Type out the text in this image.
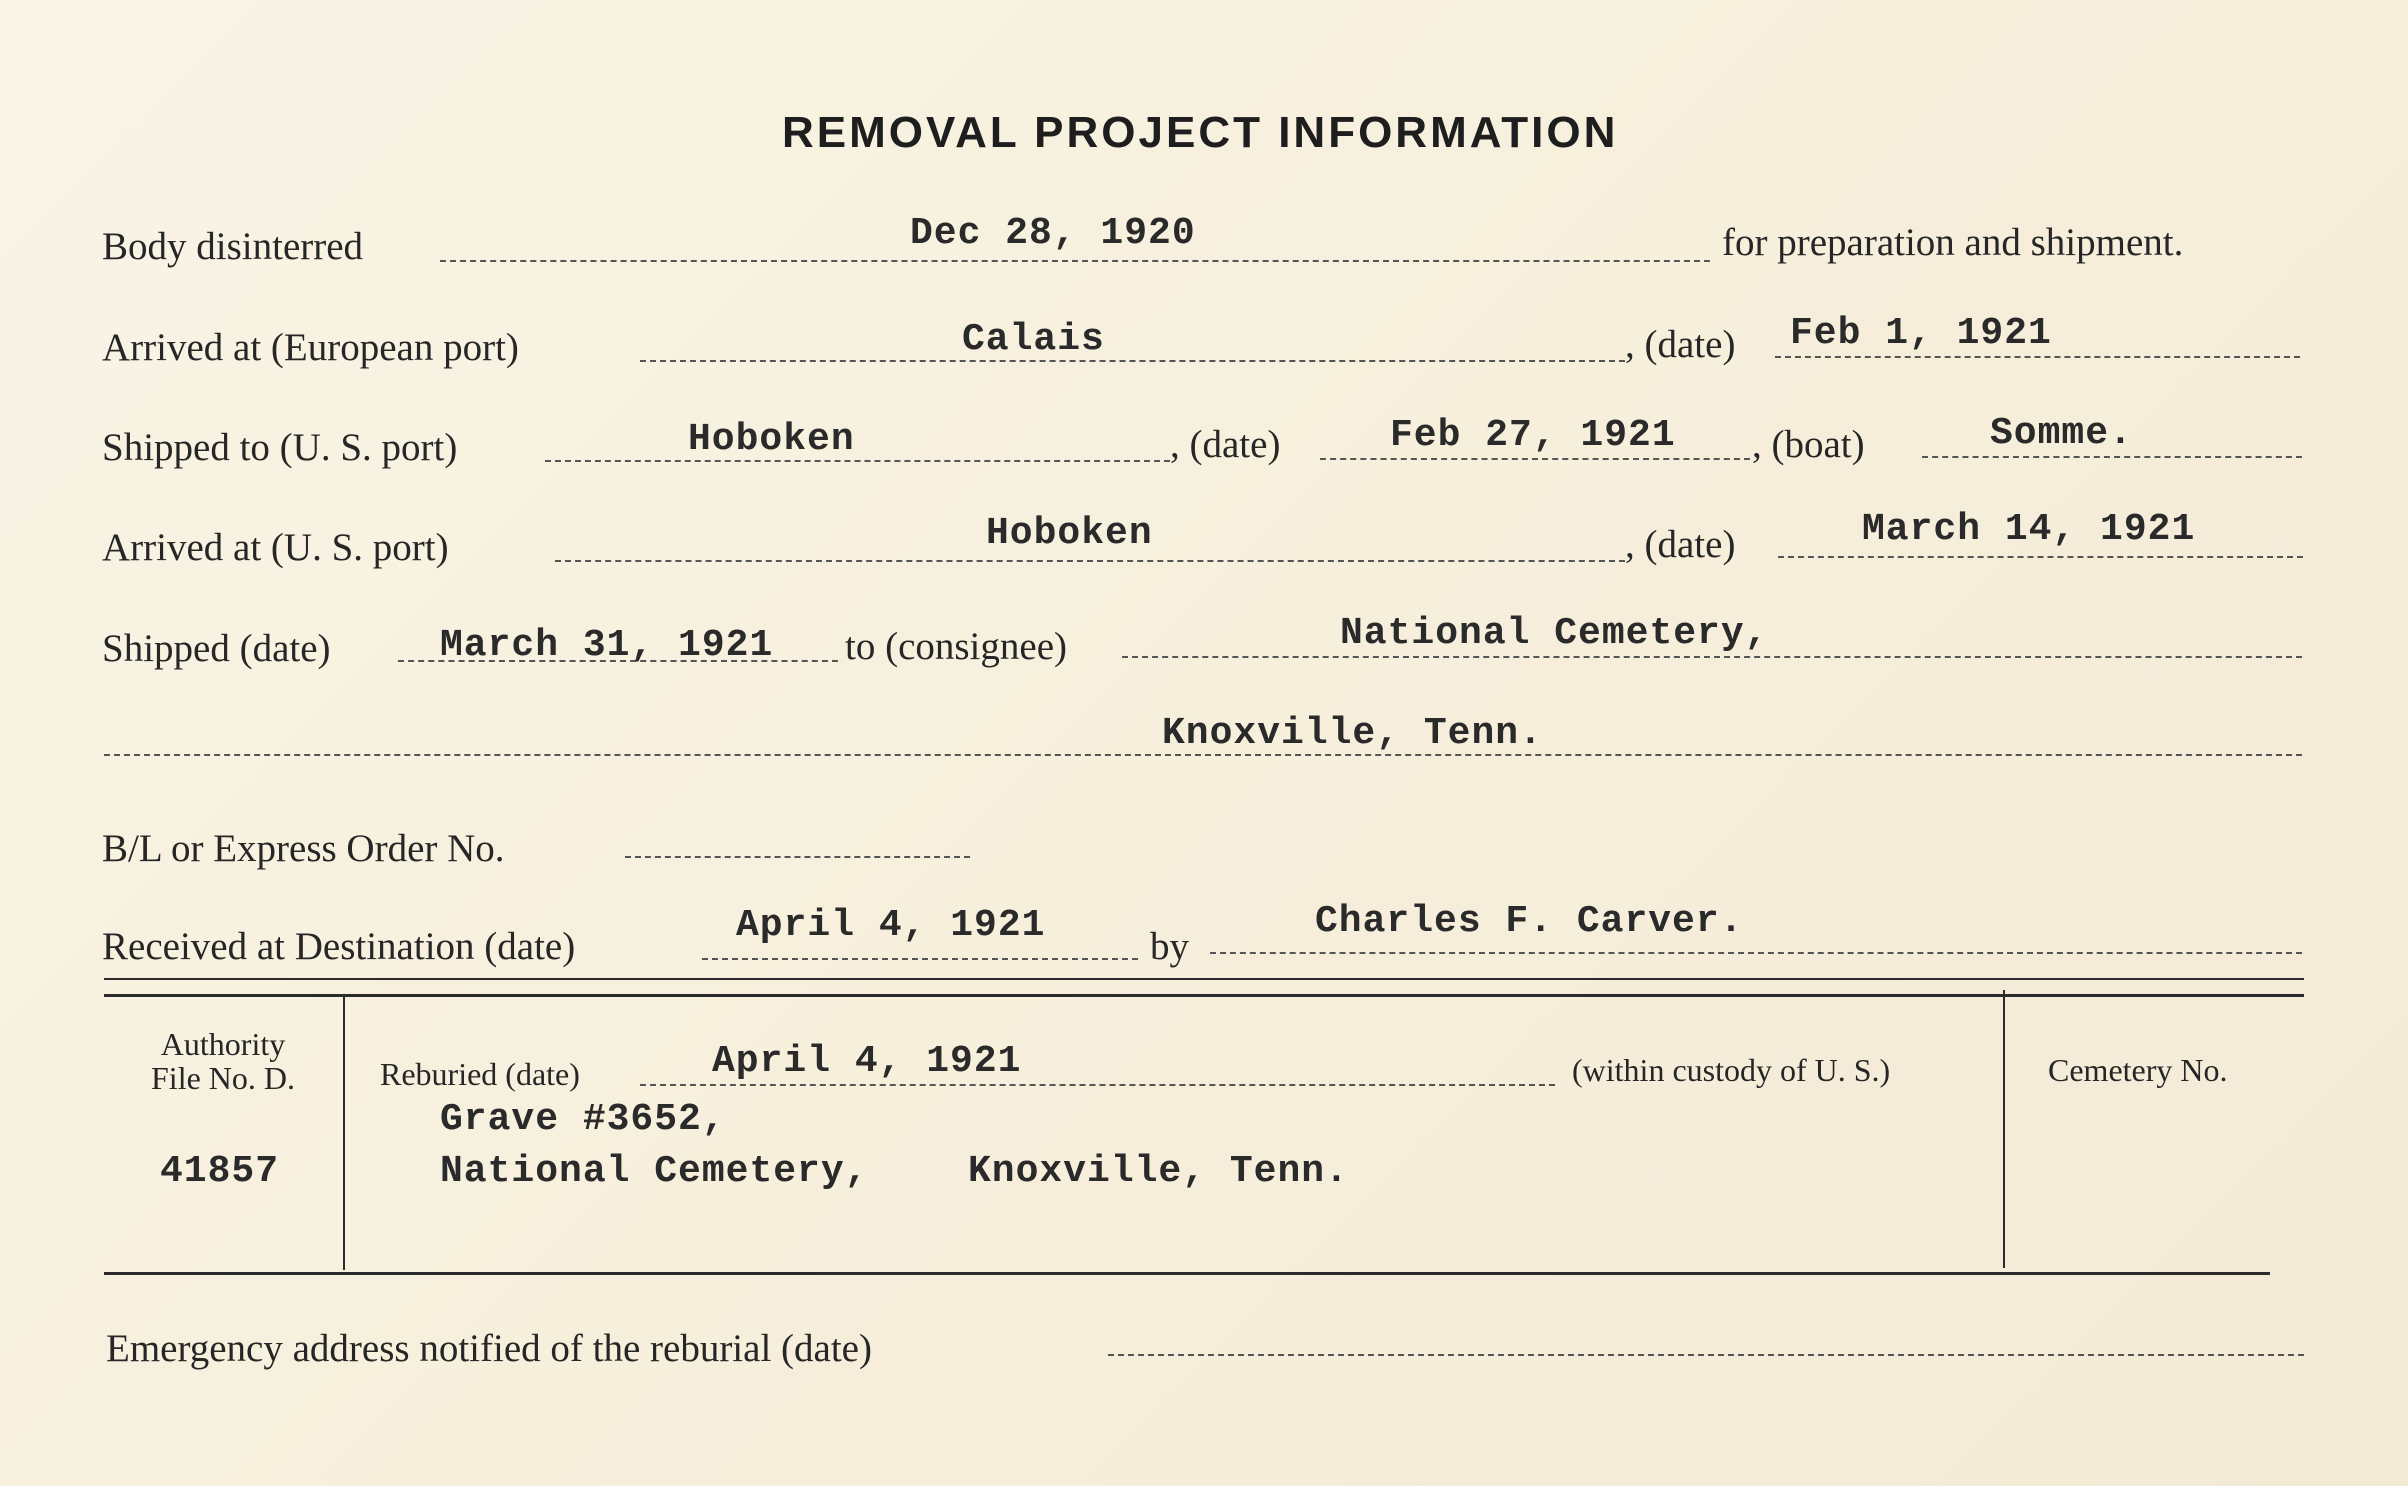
REMOVAL PROJECT INFORMATION
Body disinterred	Dec 28, 1920	for preparation and shipment.
Arrived at (European port)	Calais	, (date) Feb 1, 1921
Shipped to (U. S. port)	Hoboken	, (date)	Feb 27, 1921 , (boat)	Somme.
Arrived at (U. S. port)	Hoboken	, (date)	March 14, 1921
Shipped (date)	March 31, 1921 to (consignee)	National Cemetery,
Knoxville, Tenn.
B/L or Express Order No.
Received at Destination (date)	April 4, 1921	by
Charles F. Carver.
Authority
File No. D.
41857
Reburied (date)	April 4, 1921	(within custody of U. S.)
Grave #3652,
National Cemetery,	Knoxville, Tenn.
Cemetery No.
Emergency address notified of the reburial (date)
